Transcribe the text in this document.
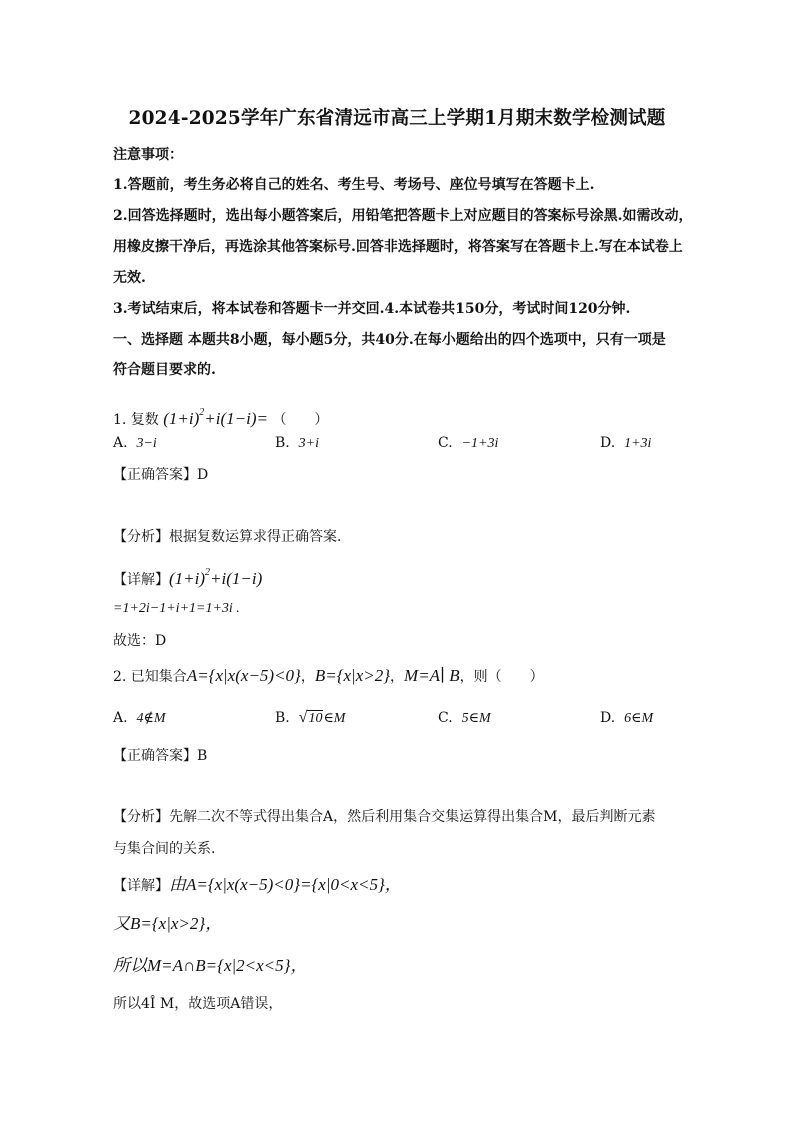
2024-2025学年广东省清远市高三上学期1月期末数学检测试题
注意事项：
1.答题前，考生务必将自己的姓名、考生号、考场号、座位号填写在答题卡上.
2.回答选择题时，选出每小题答案后，用铅笔把答题卡上对应题目的答案标号涂黑.如需改动，
用橡皮擦干净后，再选涂其他答案标号.回答非选择题时，将答案写在答题卡上.写在本试卷上
无效.
3.考试结束后，将本试卷和答题卡一并交回.4.本试卷共150分，考试时间120分钟.
一、选择题 本题共8小题，每小题5分，共40分.在每小题给出的四个选项中，只有一项是
符合题目要求的.
1. 复数 $(1+i)^2+i(1-i)=$ （　　）
A. 3−i	B. 3+i	C. −1+3i	D. 1+3i
【正确答案】D
【分析】根据复数运算求得正确答案.
【详解】$(1+i)^2+i(1-i)$
=1+2i−1+i+1=1+3i .
故选：D
2. 已知集合A={x|x(x−5)<0}，B={x|x>2}，M=A∣ B，则（　　）
A. 4∉M	B. √10∈M	C. 5∈M	D. 6∈M
【正确答案】B
【分析】先解二次不等式得出集合A，然后利用集合交集运算得出集合M，最后判断元素
与集合间的关系.
【详解】由A={x|x(x−5)<0}={x|0<x<5}，
又B={x|x>2}，
所以M=A∩B={x|2<x<5}，
所以4Î M，故选项A错误，
